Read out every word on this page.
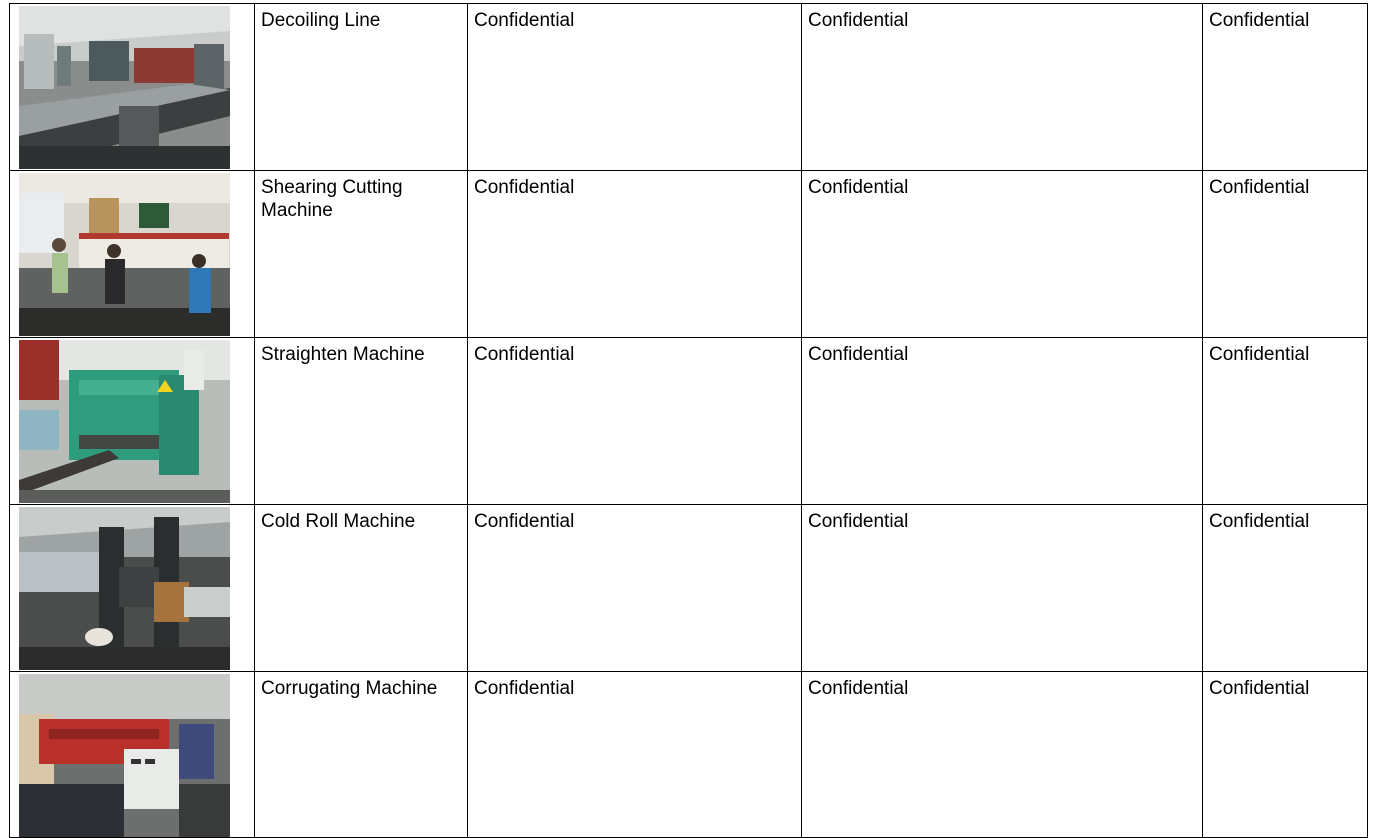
Decoiling Line	Confidential	Confidential	Confidential

Shearing Cutting Machine	Confidential	Confidential	Confidential

Straighten Machine	Confidential	Confidential	Confidential

Cold Roll Machine	Confidential	Confidential	Confidential

Corrugating Machine	Confidential	Confidential	Confidential
